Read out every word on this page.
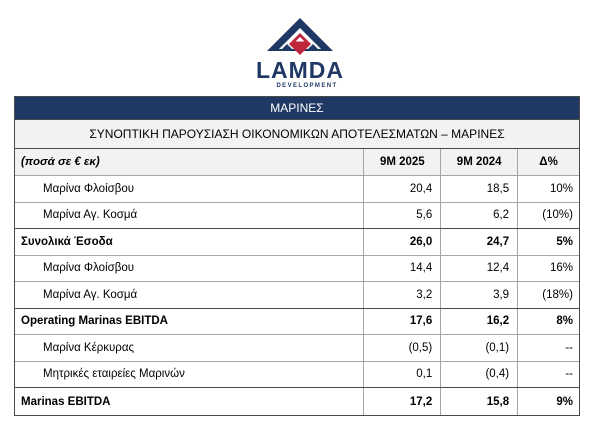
LAMDA
DEVELOPMENT
ΜΑΡΙΝΕΣ
ΣΥΝΟΠΤΙΚΗ ΠΑΡΟΥΣΙΑΣΗ ΟΙΚΟΝΟΜΙΚΩΝ ΑΠΟΤΕΛΕΣΜΑΤΩΝ – ΜΑΡΙΝΕΣ
(ποσά σε € εκ)	9M 2025	9M 2024	Δ%
Μαρίνα Φλοίσβου	20,4	18,5	10%
Μαρίνα Αγ. Κοσμά	5,6	6,2	(10%)
Συνολικά Έσοδα	26,0	24,7	5%
Μαρίνα Φλοίσβου	14,4	12,4	16%
Μαρίνα Αγ. Κοσμά	3,2	3,9	(18%)
Operating Marinas EBITDA	17,6	16,2	8%
Μαρίνα Κέρκυρας	(0,5)	(0,1)	--
Μητρικές εταιρείες Μαρινών	0,1	(0,4)	--
Marinas EBITDA	17,2	15,8	9%
